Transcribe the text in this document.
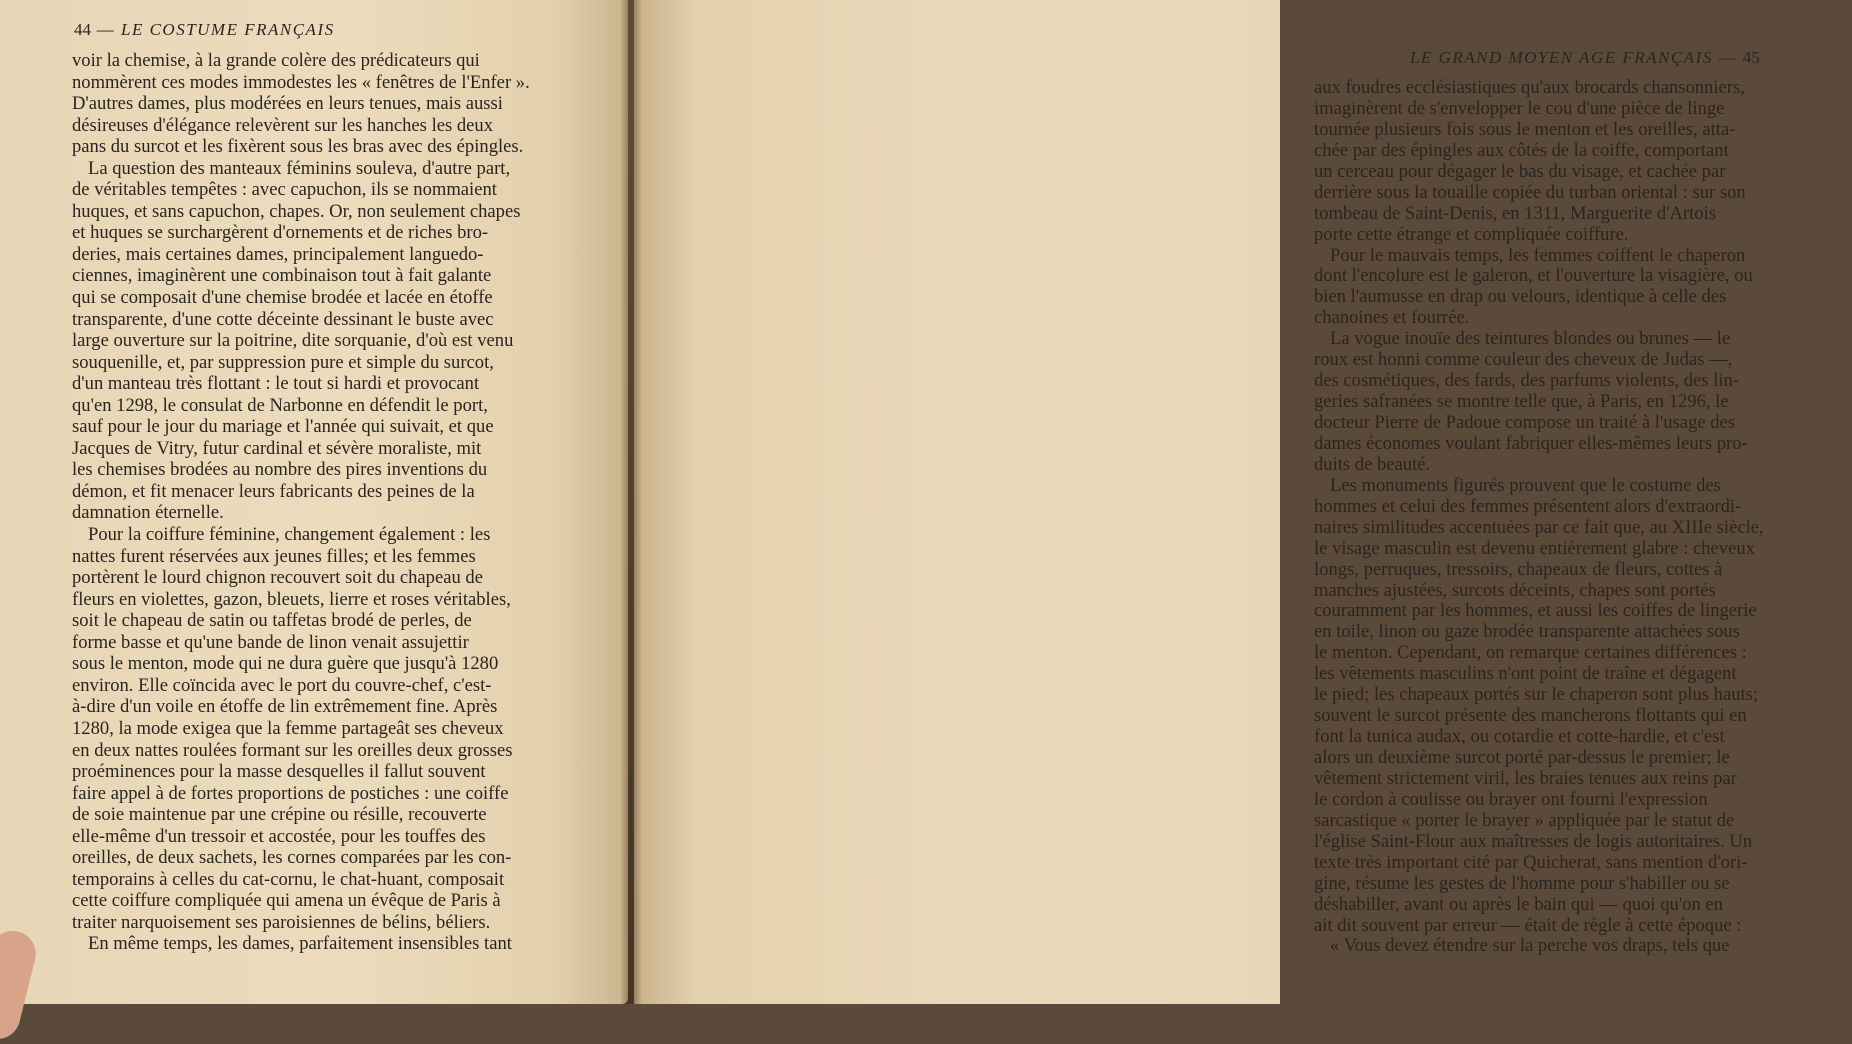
44 — LE COSTUME FRANÇAIS
voir la chemise, à la grande colère des prédicateurs qui
nommèrent ces modes immodestes les « fenêtres de l'Enfer ».
D'autres dames, plus modérées en leurs tenues, mais aussi
désireuses d'élégance relevèrent sur les hanches les deux
pans du surcot et les fixèrent sous les bras avec des épingles.
La question des manteaux féminins souleva, d'autre part,
de véritables tempêtes : avec capuchon, ils se nommaient
huques, et sans capuchon, chapes. Or, non seulement chapes
et huques se surchargèrent d'ornements et de riches bro-
deries, mais certaines dames, principalement languedo-
ciennes, imaginèrent une combinaison tout à fait galante
qui se composait d'une chemise brodée et lacée en étoffe
transparente, d'une cotte déceinte dessinant le buste avec
large ouverture sur la poitrine, dite sorquanie, d'où est venu
souquenille, et, par suppression pure et simple du surcot,
d'un manteau très flottant : le tout si hardi et provocant
qu'en 1298, le consulat de Narbonne en défendit le port,
sauf pour le jour du mariage et l'année qui suivait, et que
Jacques de Vitry, futur cardinal et sévère moraliste, mit
les chemises brodées au nombre des pires inventions du
démon, et fit menacer leurs fabricants des peines de la
damnation éternelle.
Pour la coiffure féminine, changement également : les
nattes furent réservées aux jeunes filles; et les femmes
portèrent le lourd chignon recouvert soit du chapeau de
fleurs en violettes, gazon, bleuets, lierre et roses véritables,
soit le chapeau de satin ou taffetas brodé de perles, de
forme basse et qu'une bande de linon venait assujettir
sous le menton, mode qui ne dura guère que jusqu'à 1280
environ. Elle coïncida avec le port du couvre-chef, c'est-
à-dire d'un voile en étoffe de lin extrêmement fine. Après
1280, la mode exigea que la femme partageât ses cheveux
en deux nattes roulées formant sur les oreilles deux grosses
proéminences pour la masse desquelles il fallut souvent
faire appel à de fortes proportions de postiches : une coiffe
de soie maintenue par une crépine ou résille, recouverte
elle-même d'un tressoir et accostée, pour les touffes des
oreilles, de deux sachets, les cornes comparées par les con-
temporains à celles du cat-cornu, le chat-huant, composait
cette coiffure compliquée qui amena un évêque de Paris à
traiter narquoisement ses paroisiennes de bélins, béliers.
En même temps, les dames, parfaitement insensibles tant
LE GRAND MOYEN AGE FRANÇAIS — 45
aux foudres ecclésiastiques qu'aux brocards chansonniers,
imaginèrent de s'envelopper le cou d'une pièce de linge
tournée plusieurs fois sous le menton et les oreilles, atta-
chée par des épingles aux côtés de la coiffe, comportant
un cerceau pour dégager le bas du visage, et cachée par
derrière sous la touaille copiée du turban oriental : sur son
tombeau de Saint-Denis, en 1311, Marguerite d'Artois
porte cette étrange et compliquée coiffure.
Pour le mauvais temps, les femmes coiffent le chaperon
dont l'encolure est le galeron, et l'ouverture la visagière, ou
bien l'aumusse en drap ou velours, identique à celle des
chanoines et fourrée.
La vogue inouïe des teintures blondes ou brunes — le
roux est honni comme couleur des cheveux de Judas —,
des cosmétiques, des fards, des parfums violents, des lin-
geries safranées se montre telle que, à Paris, en 1296, le
docteur Pierre de Padoue compose un traité à l'usage des
dames économes voulant fabriquer elles-mêmes leurs pro-
duits de beauté.
Les monuments figurés prouvent que le costume des
hommes et celui des femmes présentent alors d'extraordi-
naires similitudes accentuées par ce fait que, au XIIIe siècle,
le visage masculin est devenu entièrement glabre : cheveux
longs, perruques, tressoirs, chapeaux de fleurs, cottes à
manches ajustées, surcots déceints, chapes sont portés
couramment par les hommes, et aussi les coiffes de lingerie
en toile, linon ou gaze brodée transparente attachées sous
le menton. Cependant, on remarque certaines différences :
les vêtements masculins n'ont point de traîne et dégagent
le pied; les chapeaux portés sur le chaperon sont plus hauts;
souvent le surcot présente des mancherons flottants qui en
font la tunica audax, ou cotardie et cotte-hardie, et c'est
alors un deuxième surcot porté par-dessus le premier; le
vêtement strictement viril, les braies tenues aux reins par
le cordon à coulisse ou brayer ont fourni l'expression
sarcastique « porter le brayer » appliquée par le statut de
l'église Saint-Flour aux maîtresses de logis autoritaires. Un
texte très important cité par Quicherat, sans mention d'ori-
gine, résume les gestes de l'homme pour s'habiller ou se
déshabiller, avant ou après le bain qui — quoi qu'on en
ait dit souvent par erreur — était de règle à cette époque :
« Vous devez étendre sur la perche vos draps, tels que
